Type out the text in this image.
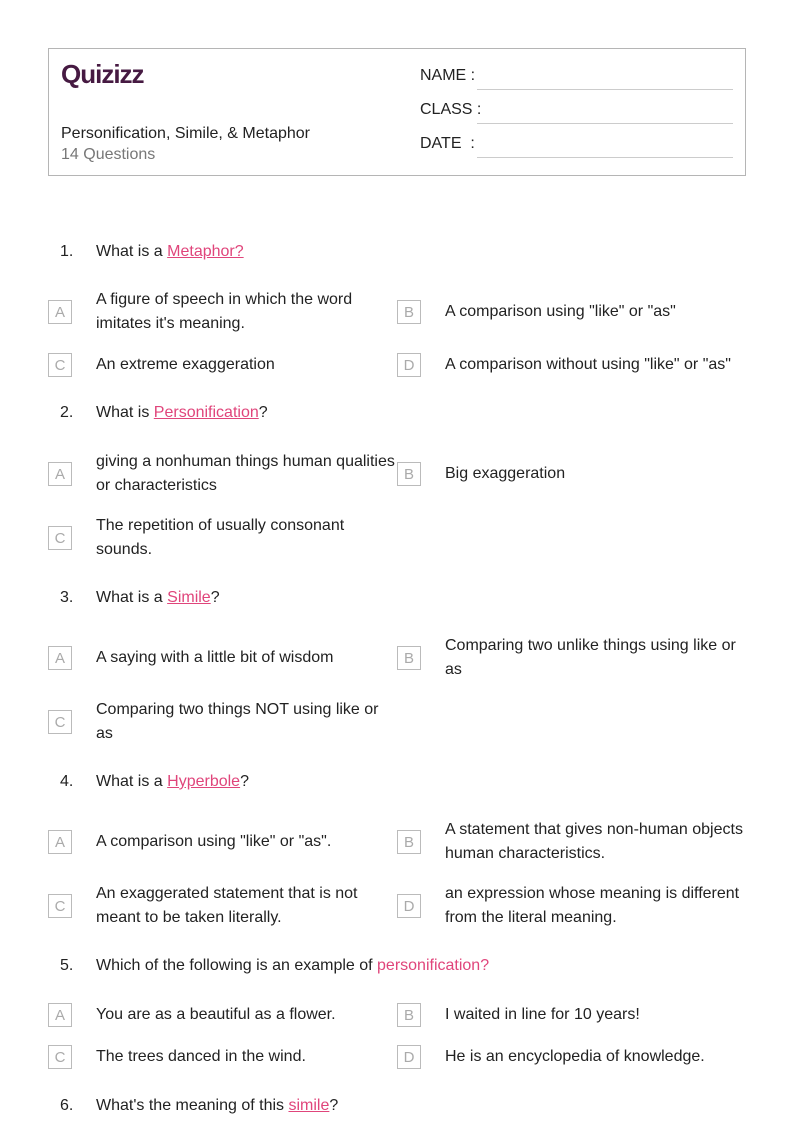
Quizizz
Personification, Simile, & Metaphor
14 Questions
NAME :
CLASS :
DATE  :
1. What is a Metaphor?
A
A figure of speech in which the word imitates it's meaning.
B	A comparison using "like" or "as"
C	An extreme exaggeration	D	A comparison without using "like" or "as"
2. What is Personification?
A
giving a nonhuman things human qualities or characteristics
B	Big exaggeration
C
The repetition of usually consonant sounds.
3. What is a Simile?
A	A saying with a little bit of wisdom	B
Comparing two unlike things using like or as
C
Comparing two things NOT using like or as
4. What is a Hyperbole?
A	A comparison using "like" or "as".	B
A statement that gives non-human objects human characteristics.
C
An exaggerated statement that is not meant to be taken literally.
D
an expression whose meaning is different from the literal meaning.
5. Which of the following is an example of personification?
A	You are as a beautiful as a flower.	B	I waited in line for 10 years!
C	The trees danced in the wind.	D	He is an encyclopedia of knowledge.
6. What's the meaning of this simile?
